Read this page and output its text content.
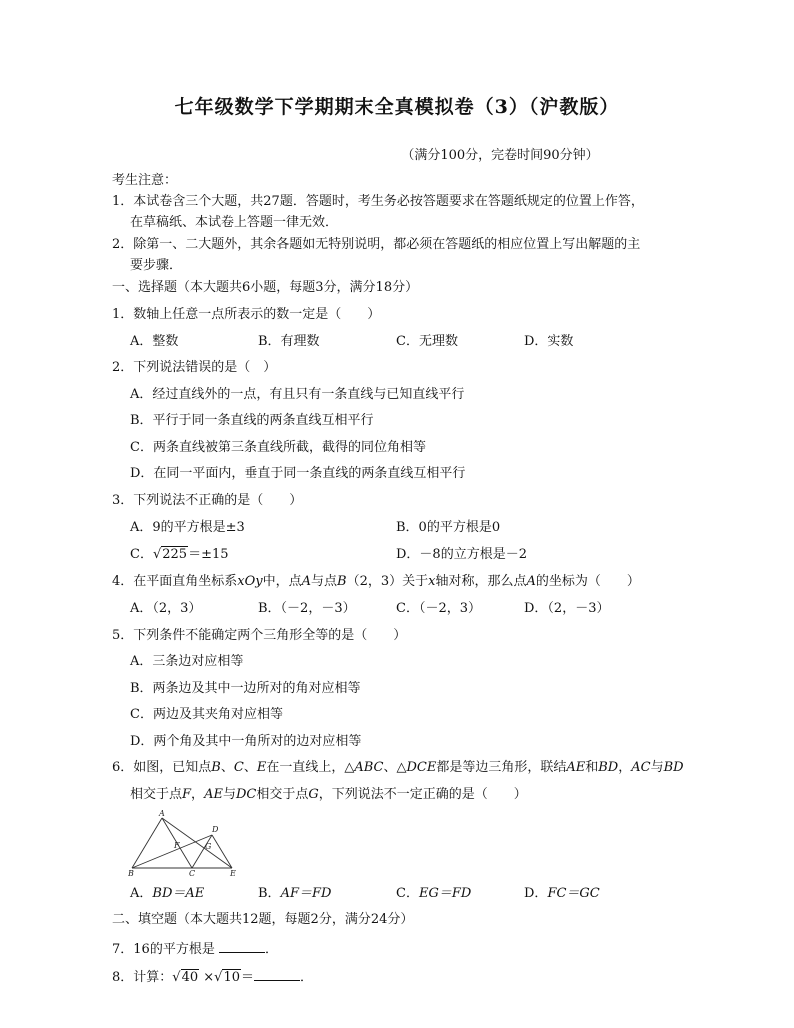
七年级数学下学期期末全真模拟卷（3）（沪教版）
（满分100分，完卷时间90分钟）
考生注意：
1．本试卷含三个大题，共27题．答题时，考生务必按答题要求在答题纸规定的位置上作答，
在草稿纸、本试卷上答题一律无效．
2．除第一、二大题外，其余各题如无特别说明，都必须在答题纸的相应位置上写出解题的主
要步骤．
一、选择题（本大题共6小题，每题3分，满分18分）
1．数轴上任意一点所表示的数一定是（　　）
A．整数	B．有理数	C．无理数	D．实数
2．下列说法错误的是（　）
A．经过直线外的一点，有且只有一条直线与已知直线平行
B．平行于同一条直线的两条直线互相平行
C．两条直线被第三条直线所截，截得的同位角相等
D．在同一平面内，垂直于同一条直线的两条直线互相平行
3．下列说法不正确的是（　　）
A．9的平方根是±3	B．0的平方根是0
C．√225＝±15	D．－8的立方根是－2
4．在平面直角坐标系xOy中，点A与点B（2，3）关于x轴对称，那么点A的坐标为（　　）
A．（2，3）	B．（－2，－3）	C．（－2，3）	D．（2，－3）
5．下列条件不能确定两个三角形全等的是（　　）
A．三条边对应相等
B．两条边及其中一边所对的角对应相等
C．两边及其夹角对应相等
D．两个角及其中一角所对的边对应相等
6．如图，已知点B、C、E在一直线上，△ABC、△DCE都是等边三角形，联结AE和BD，AC与BD
相交于点F，AE与DC相交于点G，下列说法不一定正确的是（　　）
A
D
F	G
B	C	E
A．BD＝AE	B．AF＝FD	C．EG＝FD	D．FC＝GC
二、填空题（本大题共12题，每题2分，满分24分）
7．16的平方根是	．
8．计算：√40 ×√10＝	．
